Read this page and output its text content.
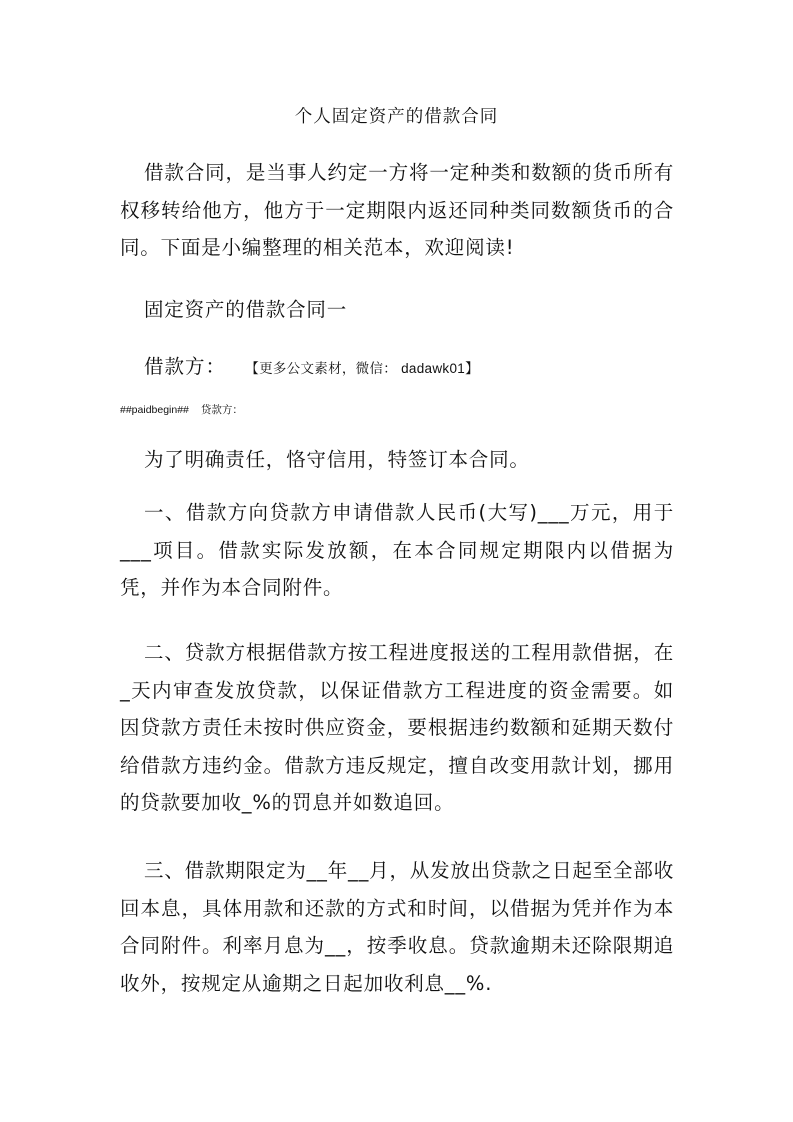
个人固定资产的借款合同

借款合同，是当事人约定一方将一定种类和数额的货币所有权移转给他方，他方于一定期限内返还同种类同数额货币的合同。下面是小编整理的相关范本，欢迎阅读!

固定资产的借款合同一
借款方： 【更多公文素材，微信： dadawk01】
##paidbegin## 贷款方：
为了明确责任，恪守信用，特签订本合同。

一、借款方向贷款方申请借款人民币(大写)___万元，用于___项目。借款实际发放额，在本合同规定期限内以借据为凭，并作为本合同附件。

二、贷款方根据借款方按工程进度报送的工程用款借据，在_天内审查发放贷款，以保证借款方工程进度的资金需要。如因贷款方责任未按时供应资金，要根据违约数额和延期天数付给借款方违约金。借款方违反规定，擅自改变用款计划，挪用的贷款要加收_%的罚息并如数追回。

三、借款期限定为__年__月，从发放出贷款之日起至全部收回本息，具体用款和还款的方式和时间，以借据为凭并作为本合同附件。利率月息为__，按季收息。贷款逾期未还除限期追收外，按规定从逾期之日起加收利息__%.
